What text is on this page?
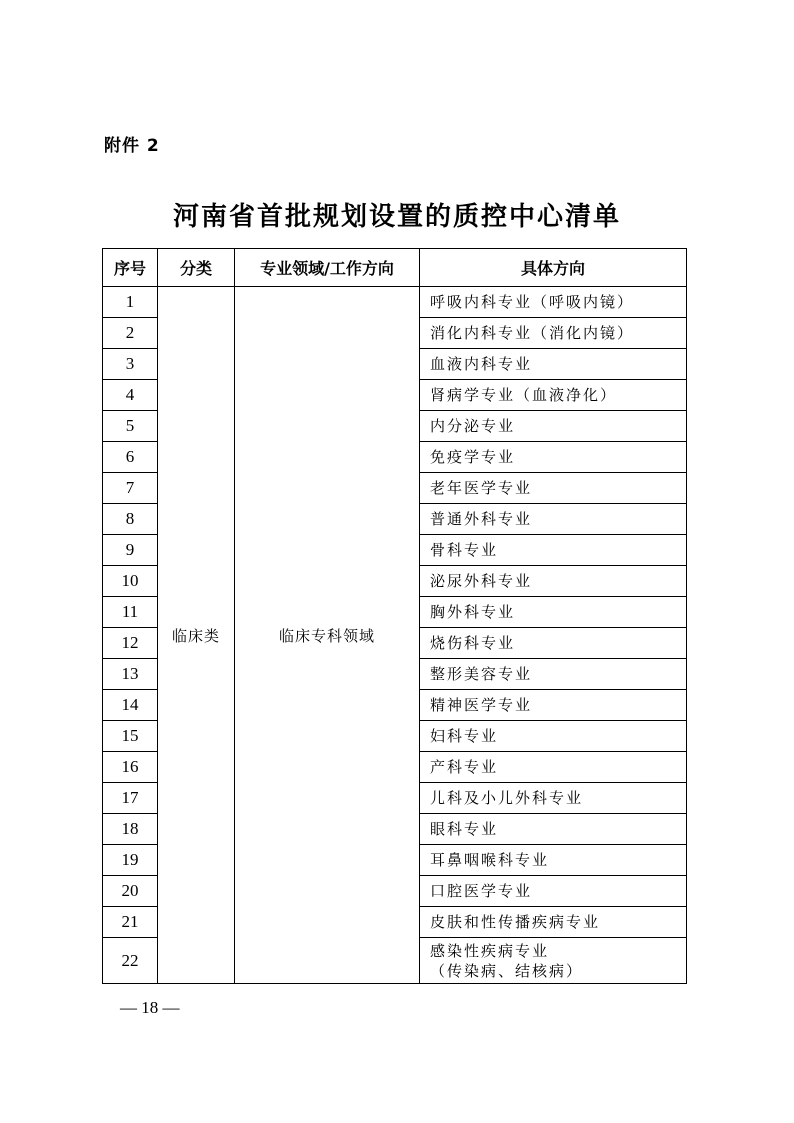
附件 2
河南省首批规划设置的质控中心清单
序号	分类	专业领域/工作方向	具体方向
1	临床类	临床专科领域	呼吸内科专业（呼吸内镜）
2			消化内科专业（消化内镜）
3			血液内科专业
4			肾病学专业（血液净化）
5			内分泌专业
6			免疫学专业
7			老年医学专业
8			普通外科专业
9			骨科专业
10			泌尿外科专业
11			胸外科专业
12			烧伤科专业
13			整形美容专业
14			精神医学专业
15			妇科专业
16			产科专业
17			儿科及小儿外科专业
18			眼科专业
19			耳鼻咽喉科专业
20			口腔医学专业
21			皮肤和性传播疾病专业
22			感染性疾病专业
（传染病、结核病）
— 18 —
